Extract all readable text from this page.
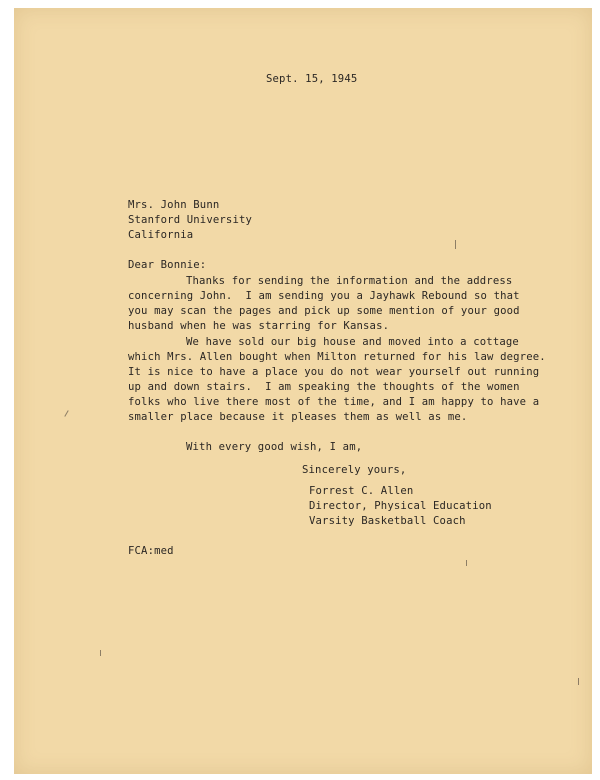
Sept. 15, 1945
Mrs. John Bunn
Stanford University
California
Dear Bonnie:
Thanks for sending the information and the address
concerning John.  I am sending you a Jayhawk Rebound so that
you may scan the pages and pick up some mention of your good
husband when he was starring for Kansas.
We have sold our big house and moved into a cottage
which Mrs. Allen bought when Milton returned for his law degree.
It is nice to have a place you do not wear yourself out running
up and down stairs.  I am speaking the thoughts of the women
folks who live there most of the time, and I am happy to have a
smaller place because it pleases them as well as me.
With every good wish, I am,
Sincerely yours,
Forrest C. Allen
Director, Physical Education
Varsity Basketball Coach
FCA:med
